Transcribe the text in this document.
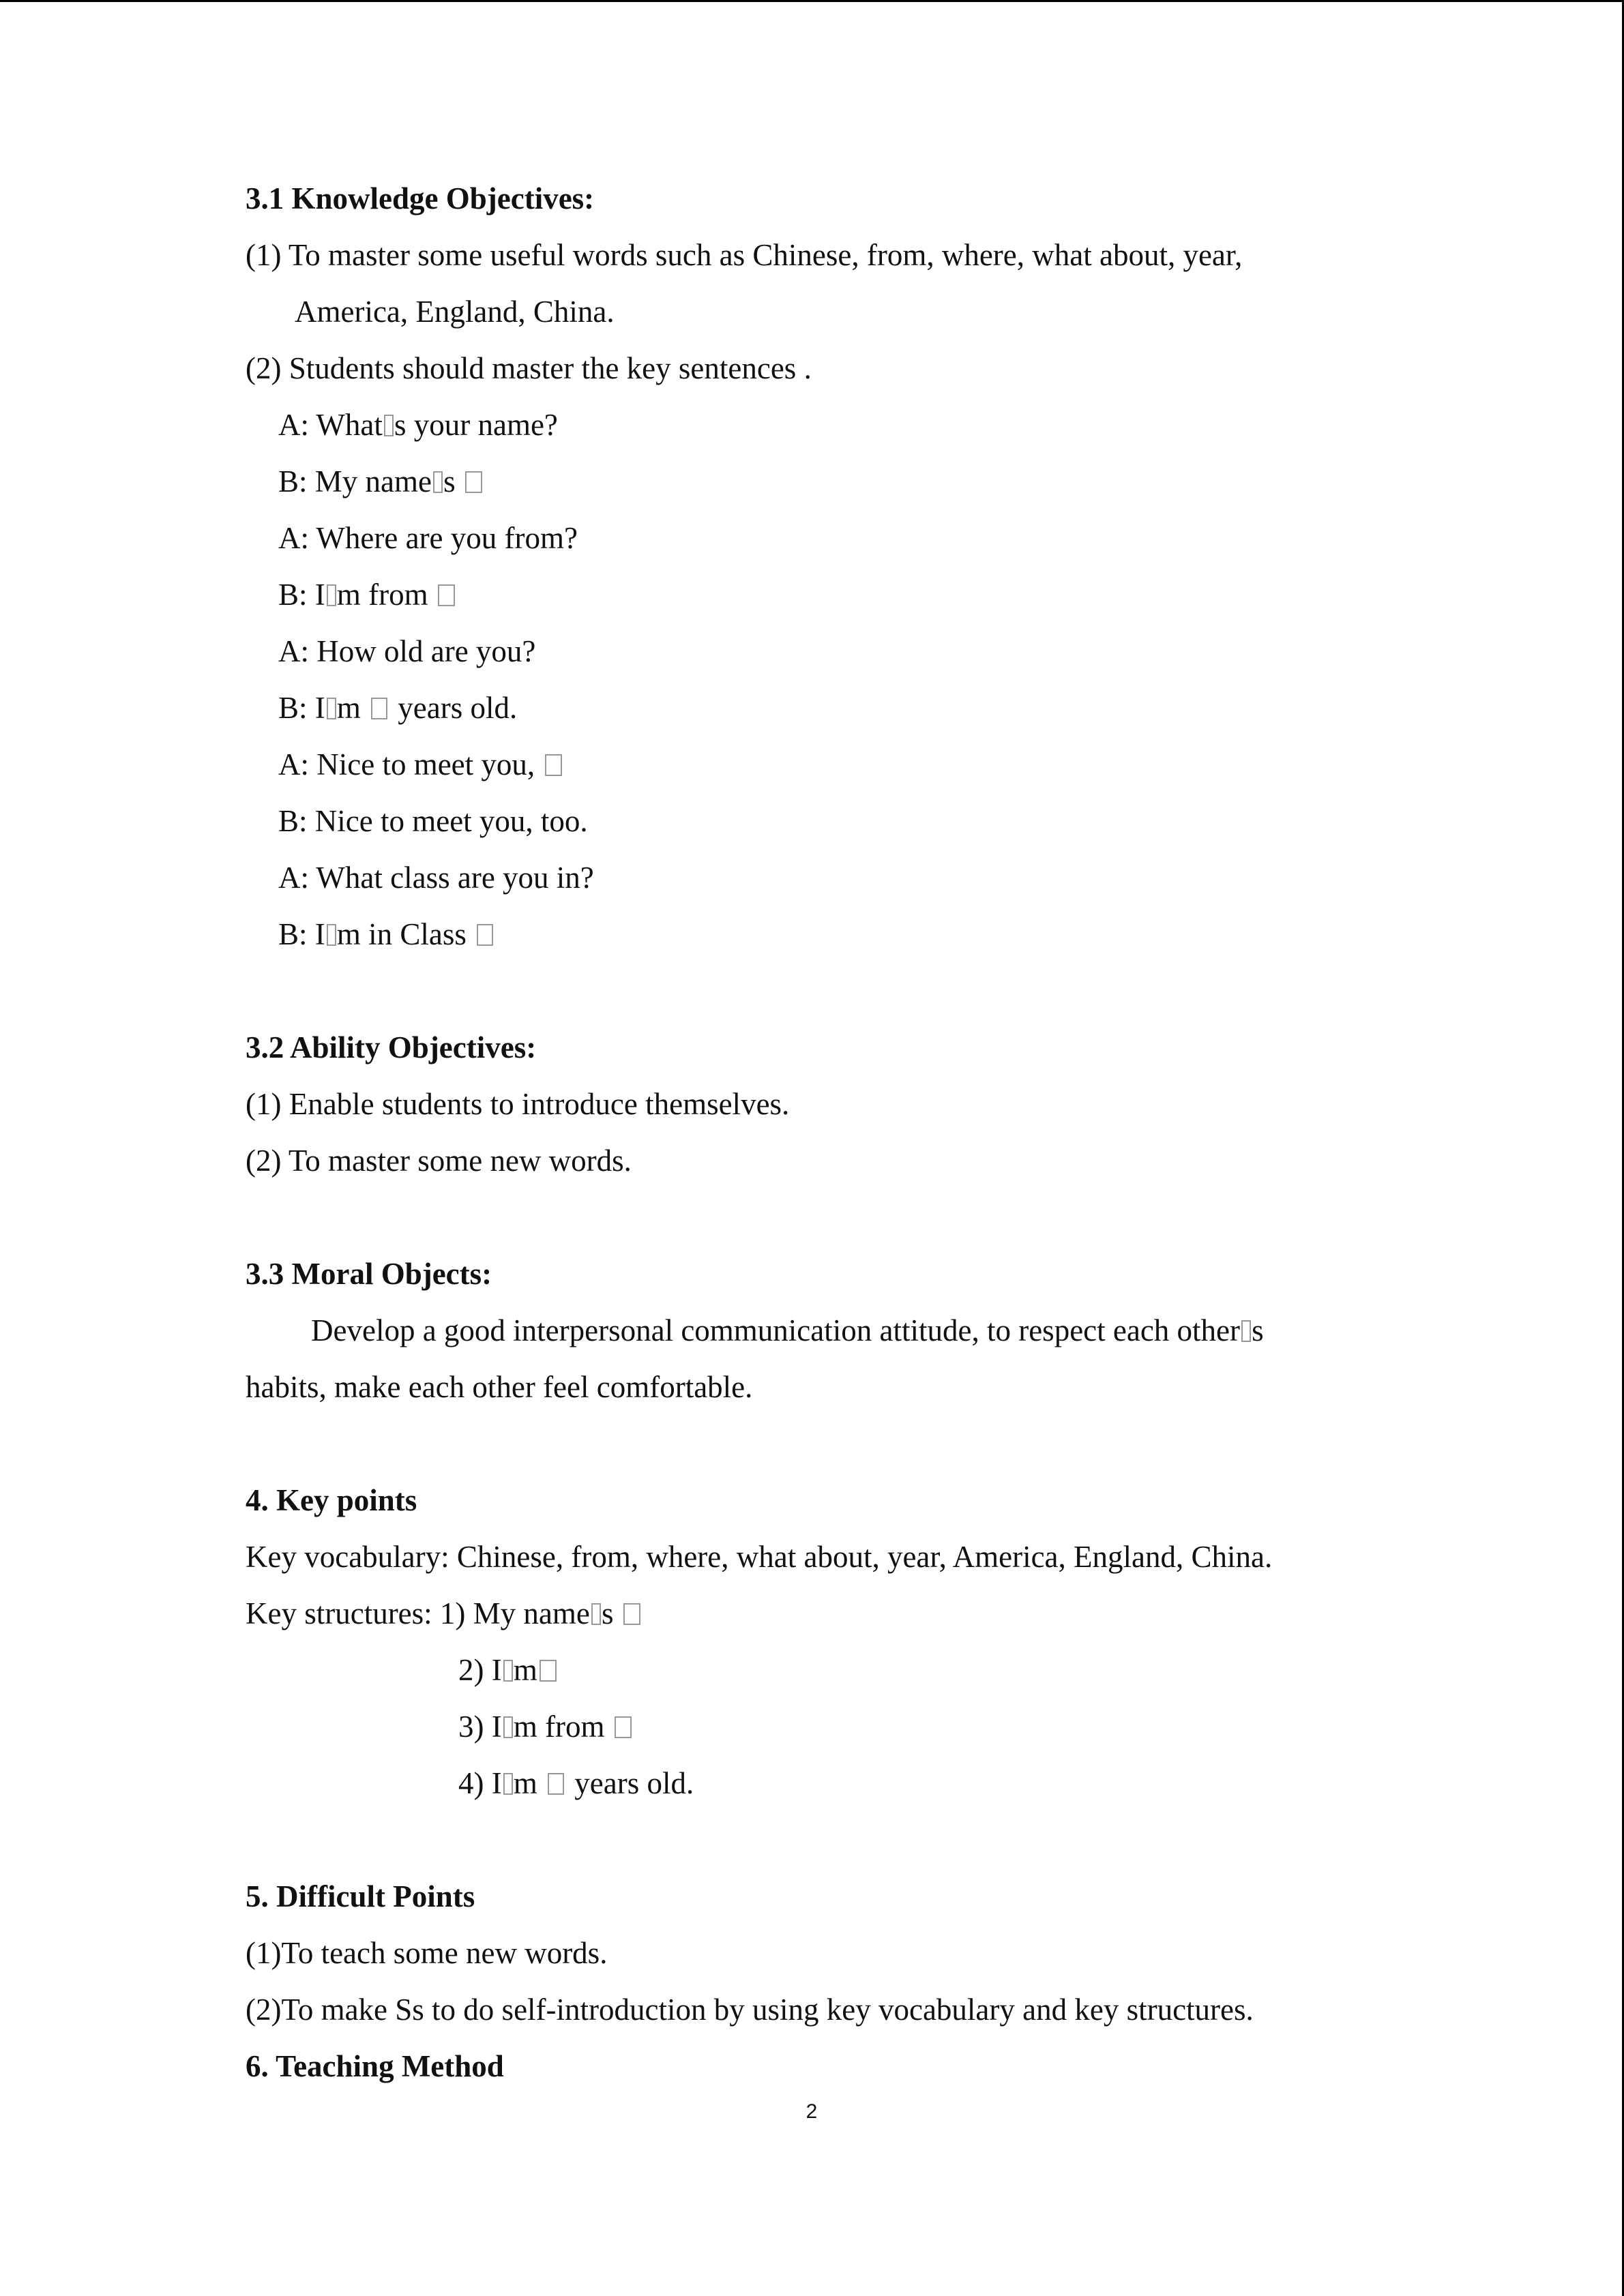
3.1 Knowledge Objectives:
(1) To master some useful words such as Chinese, from, where, what about, year,
America, England, China.
(2) Students should master the key sentences .
A: What s your name?
B: My name s
A: Where are you from?
B: I m from
A: How old are you?
B: I m  years old.
A: Nice to meet you,
B: Nice to meet you, too.
A: What class are you in?
B: I m in Class
3.2 Ability Objectives:
(1) Enable students to introduce themselves.
(2) To master some new words.
3.3 Moral Objects:
Develop a good interpersonal communication attitude, to respect each other s
habits, make each other feel comfortable.
4. Key points
Key vocabulary: Chinese, from, where, what about, year, America, England, China.
Key structures: 1) My name s
2) I m
3) I m from
4) I m  years old.
5. Difficult Points
(1)To teach some new words.
(2)To make Ss to do self-introduction by using key vocabulary and key structures.
6. Teaching Method
2
